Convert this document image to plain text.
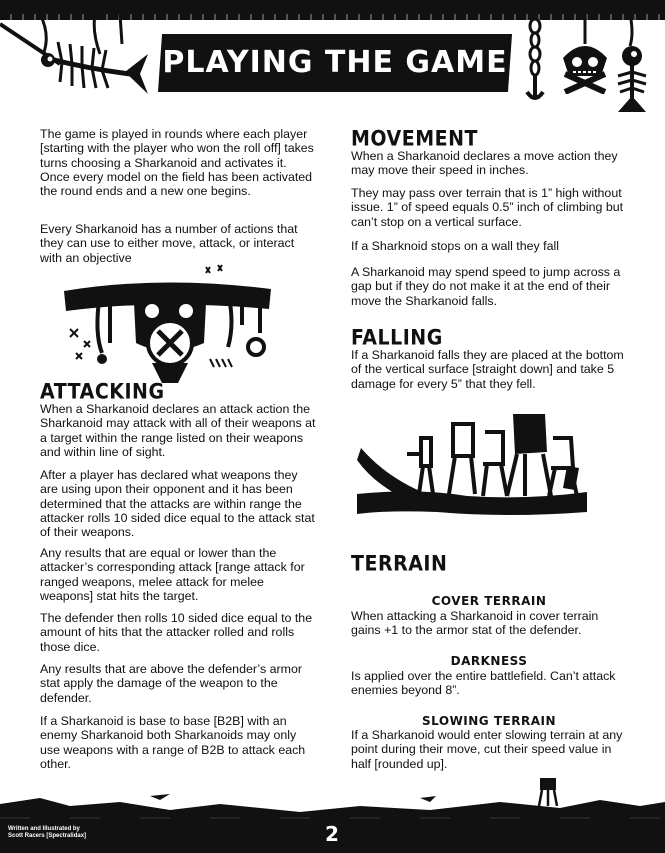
PLAYING THE GAME
The game is played in rounds where each player [starting with the player who won the roll off] takes turns choosing a Sharkanoid and activates it. Once every model on the field has been activated the round ends and a new one begins.
Every Sharkanoid has a number of actions that they can use to either move, attack, or interact with an objective
ATTACKING
When a Sharkanoid declares an attack action the Sharkanoid may attack with all of their weapons at a target within the range listed on their weapons and within line of sight.
After a player has declared what weapons they are using upon their opponent and it has been determined that the attacks are within range the attacker rolls 10 sided dice equal to the attack stat of their weapons.
Any results that are equal or lower than the attacker’s corresponding attack [range attack for ranged weapons, melee attack for melee weapons] stat hits the target.
The defender then rolls 10 sided dice equal to the amount of hits that the attacker rolled and rolls those dice.
Any results that are above the defender’s armor stat apply the damage of the weapon to the defender.
If a Sharkanoid is base to base [B2B] with an enemy Sharkanoid both Sharkanoids may only use weapons with a range of B2B to attack each other.
MOVEMENT
When a Sharkanoid declares a move action they may move their speed in inches.
They may pass over terrain that is 1” high without issue. 1” of speed equals 0.5” inch of climbing but can’t stop on a vertical surface.
If a Sharknoid stops on a wall they fall
A Sharkanoid may spend speed to jump across a gap but if they do not make it at the end of their move the Sharkanoid falls.
FALLING
If a Sharkanoid falls they are placed at the bottom of the vertical surface [straight down] and take 5 damage for every 5” that they fell.
TERRAIN
COVER TERRAIN
When attacking a Sharkanoid in cover terrain gains +1 to the armor stat of the defender.
DARKNESS
Is applied over the entire battlefield. Can’t attack enemies beyond 8”.
SLOWING TERRAIN
If a Sharkanoid would enter slowing terrain at any point during their move, cut their speed value in half [rounded up].
Written and Illustrated by
Scott Racers [Spectralidax]	2
